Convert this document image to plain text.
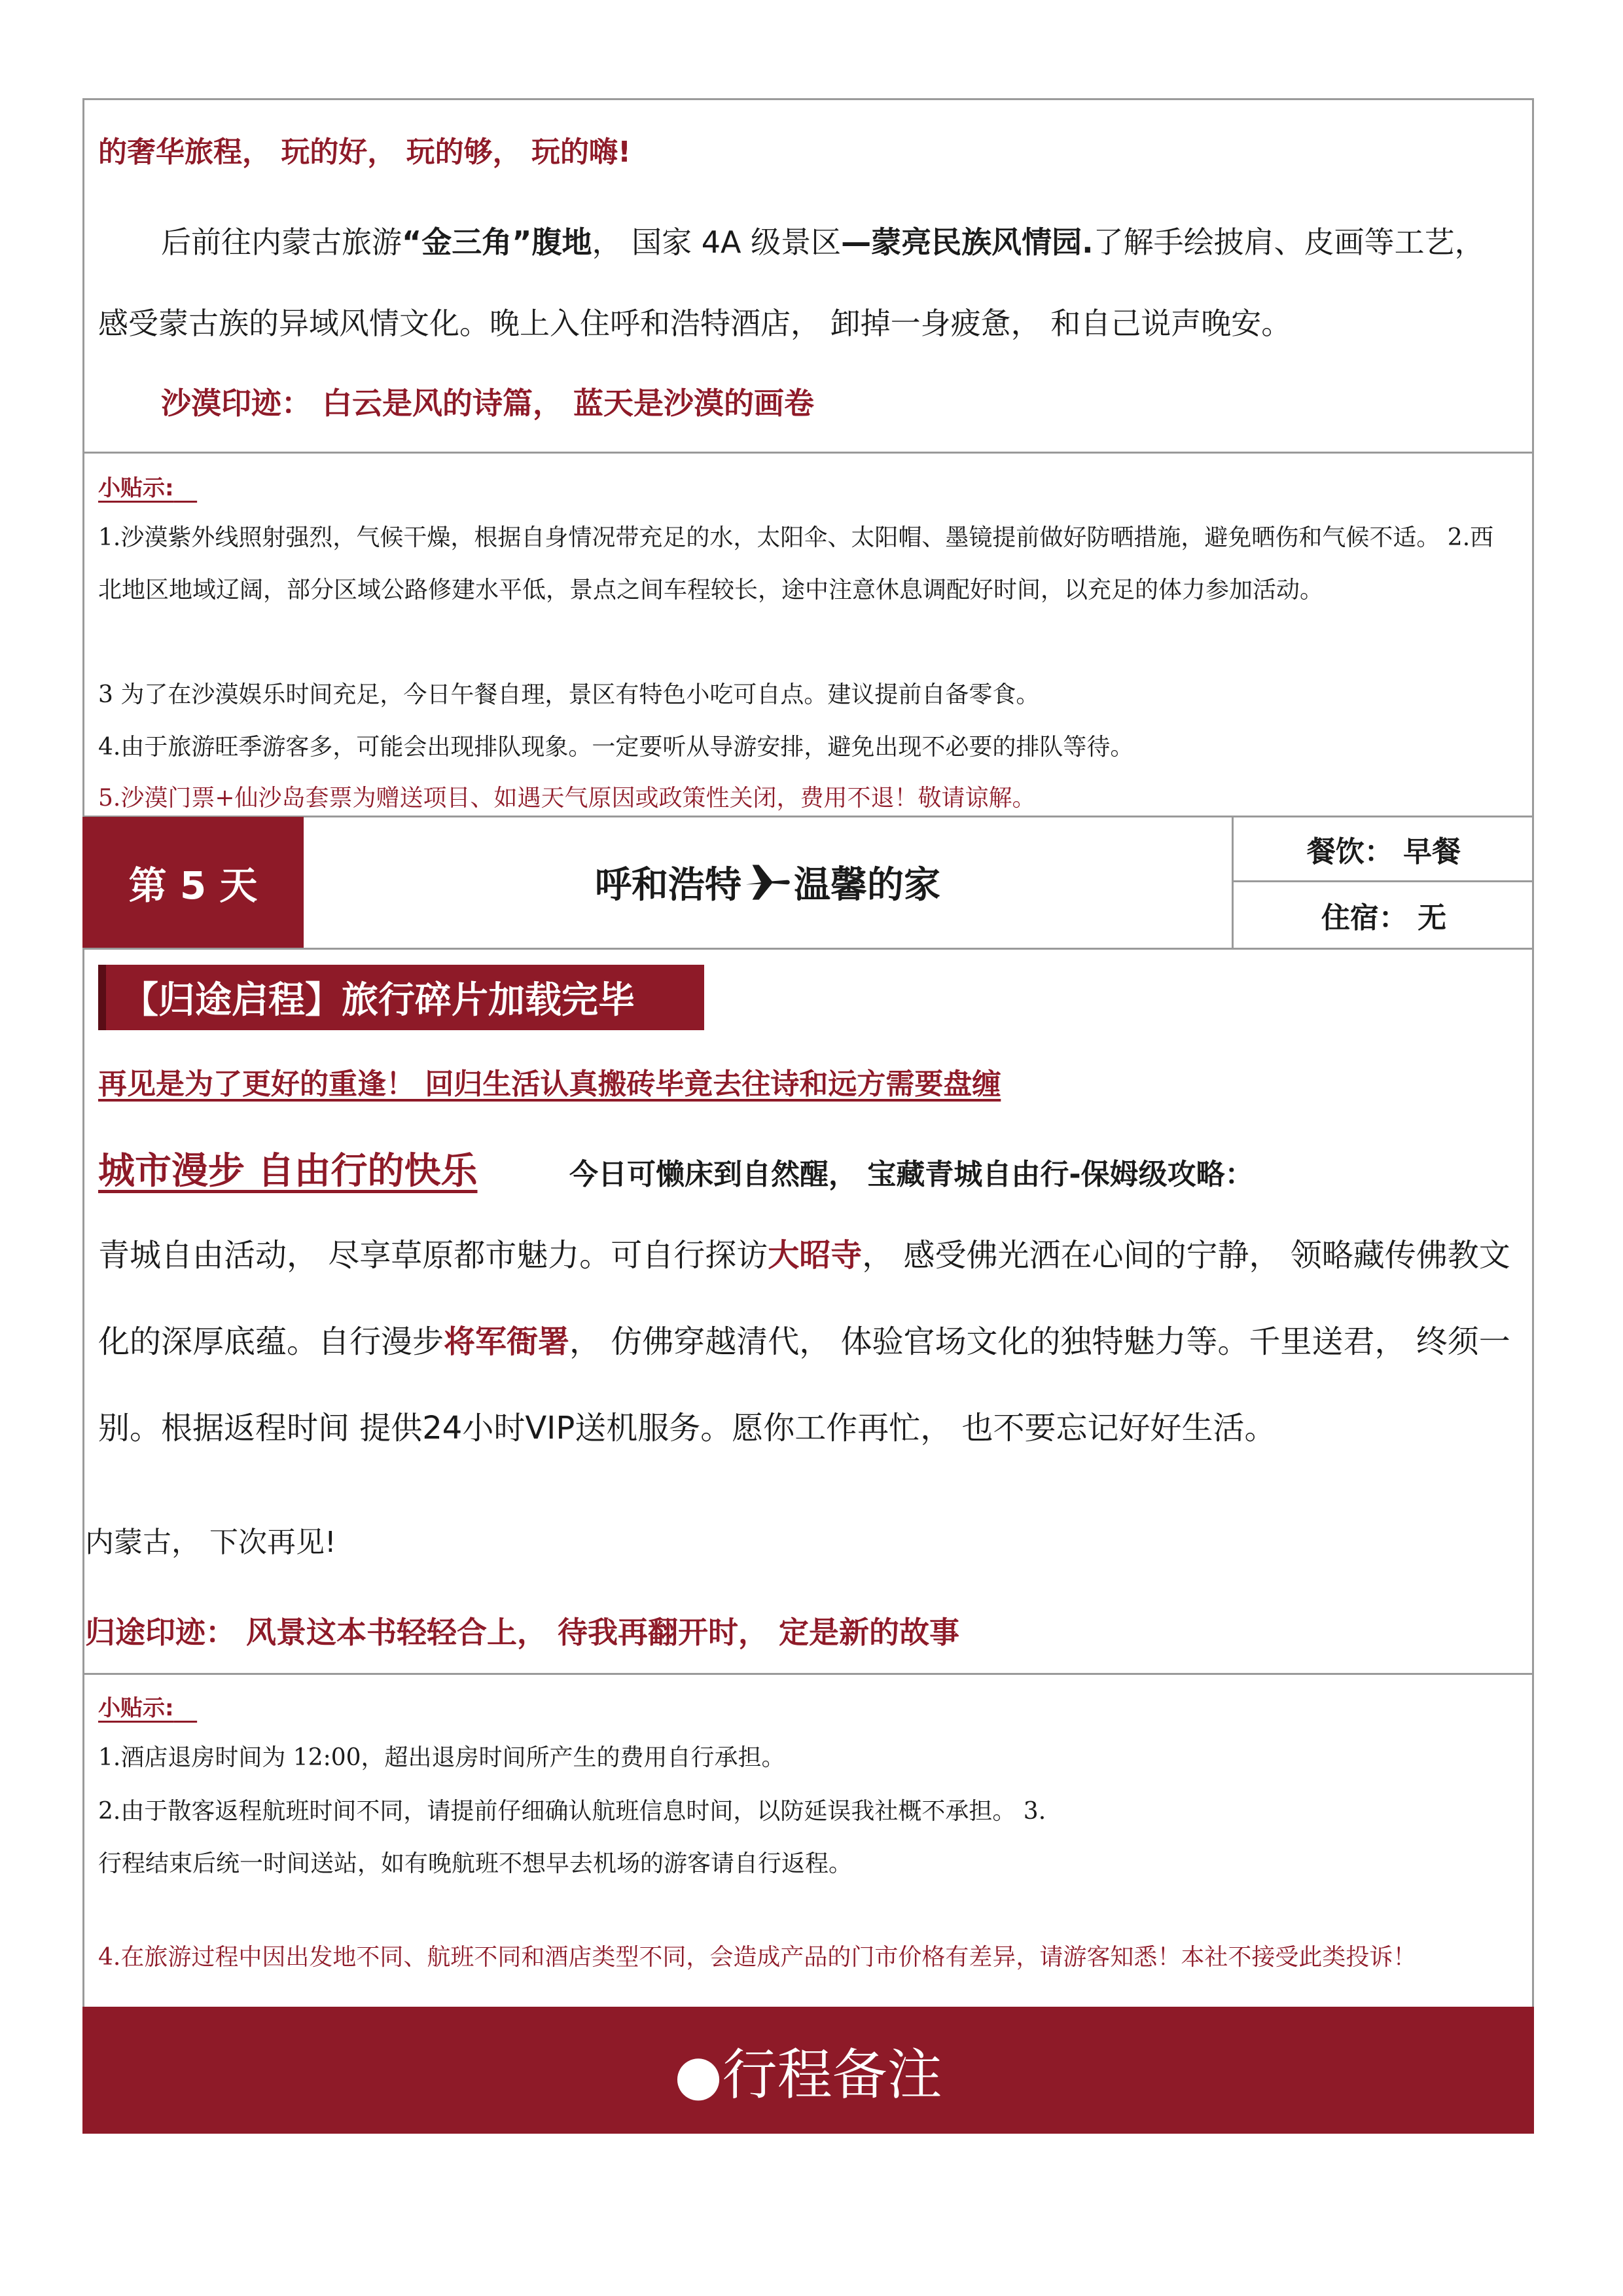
的奢华旅程， 玩的好， 玩的够， 玩的嗨!
后前往内蒙古旅游“金三角”腹地， 国家 4A 级景区—蒙亮民族风情园.了解手绘披肩、皮画等工艺， 感受蒙古族的异域风情文化。晚上入住呼和浩特酒店， 卸掉一身疲惫， 和自己说声晚安。
沙漠印迹： 白云是风的诗篇， 蓝天是沙漠的画卷
小贴示:
1.沙漠紫外线照射强烈，气候干燥，根据自身情况带充足的水，太阳伞、太阳帽、墨镜提前做好防晒措施，避免晒伤和气候不适。 2.西北地区地域辽阔，部分区域公路修建水平低，景点之间车程较长，途中注意休息调配好时间，以充足的体力参加活动。
3 为了在沙漠娱乐时间充足，今日午餐自理，景区有特色小吃可自点。建议提前自备零食。
4.由于旅游旺季游客多，可能会出现排队现象。一定要听从导游安排，避免出现不必要的排队等待。
5.沙漠门票+仙沙岛套票为赠送项目、如遇天气原因或政策性关闭，费用不退！敬请谅解。
第 5 天	呼和浩特 温馨的家
餐饮： 早餐
住宿： 无
【归途启程】旅行碎片加载完毕
再见是为了更好的重逢！ 回归生活认真搬砖毕竟去往诗和远方需要盘缠
城市漫步 自由行的快乐	今日可懒床到自然醒， 宝藏青城自由行-保姆级攻略：
青城自由活动， 尽享草原都市魅力。可自行探访大昭寺， 感受佛光洒在心间的宁静， 领略藏传佛教文化的深厚底蕴。自行漫步将军衙署， 仿佛穿越清代， 体验官场文化的独特魅力等。千里送君， 终须一别。根据返程时间 提供24小时VIP送机服务。愿你工作再忙， 也不要忘记好好生活。
内蒙古， 下次再见!
归途印迹： 风景这本书轻轻合上， 待我再翻开时， 定是新的故事
小贴示:
1.酒店退房时间为 12:00，超出退房时间所产生的费用自行承担。
2.由于散客返程航班时间不同，请提前仔细确认航班信息时间，以防延误我社概不承担。 3.行程结束后统一时间送站，如有晚航班不想早去机场的游客请自行返程。
4.在旅游过程中因出发地不同、航班不同和酒店类型不同，会造成产品的门市价格有差异，请游客知悉！本社不接受此类投诉！
●行程备注
